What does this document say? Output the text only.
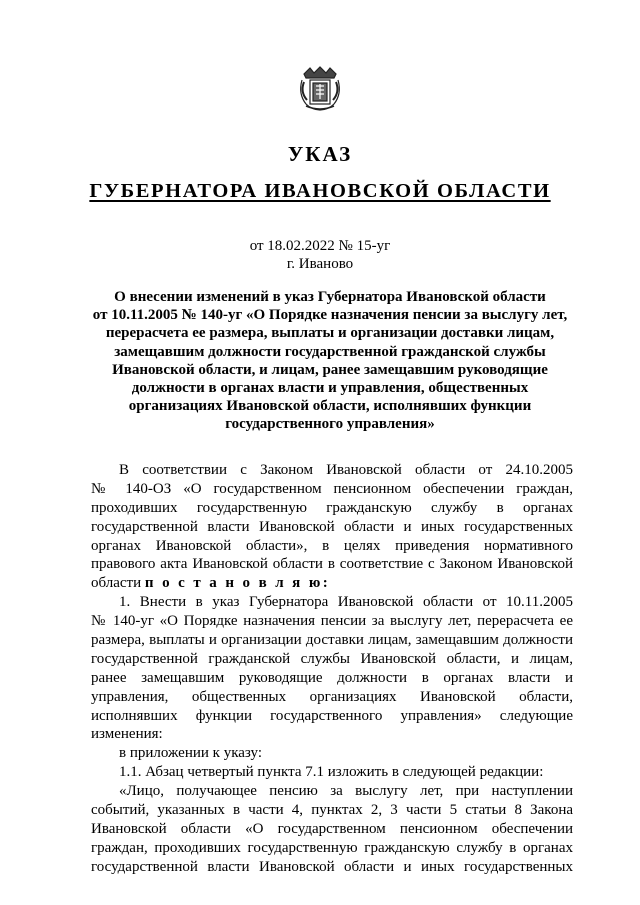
УКАЗ
ГУБЕРНАТОРА ИВАНОВСКОЙ ОБЛАСТИ
от 18.02.2022 № 15-уг
г. Иваново
О внесении изменений в указ Губернатора Ивановской области
от 10.11.2005 № 140-уг «О Порядке назначения пенсии за выслугу лет,
перерасчета ее размера, выплаты и организации доставки лицам,
замещавшим должности государственной гражданской службы
Ивановской области, и лицам, ранее замещавшим руководящие
должности в органах власти и управления, общественных
организациях Ивановской области, исполнявших функции
государственного управления»
В соответствии с Законом Ивановской области от 24.10.2005
№ 140-ОЗ «О государственном пенсионном обеспечении граждан,
проходивших государственную гражданскую службу в органах
государственной власти Ивановской области и иных государственных
органах Ивановской области», в целях приведения нормативного
правового акта Ивановской области в соответствие с Законом Ивановской
области п о с т а н о в л я ю:
1. Внести в указ Губернатора Ивановской области от 10.11.2005
№ 140-уг «О Порядке назначения пенсии за выслугу лет, перерасчета ее
размера, выплаты и организации доставки лицам, замещавшим должности
государственной гражданской службы Ивановской области, и лицам,
ранее замещавшим руководящие должности в органах власти и
управления, общественных организациях Ивановской области,
исполнявших функции государственного управления» следующие
изменения:
в приложении к указу:
1.1. Абзац четвертый пункта 7.1 изложить в следующей редакции:
«Лицо, получающее пенсию за выслугу лет, при наступлении
событий, указанных в части 4, пунктах 2, 3 части 5 статьи 8 Закона
Ивановской области «О государственном пенсионном обеспечении
граждан, проходивших государственную гражданскую службу в органах
государственной власти Ивановской области и иных государственных
